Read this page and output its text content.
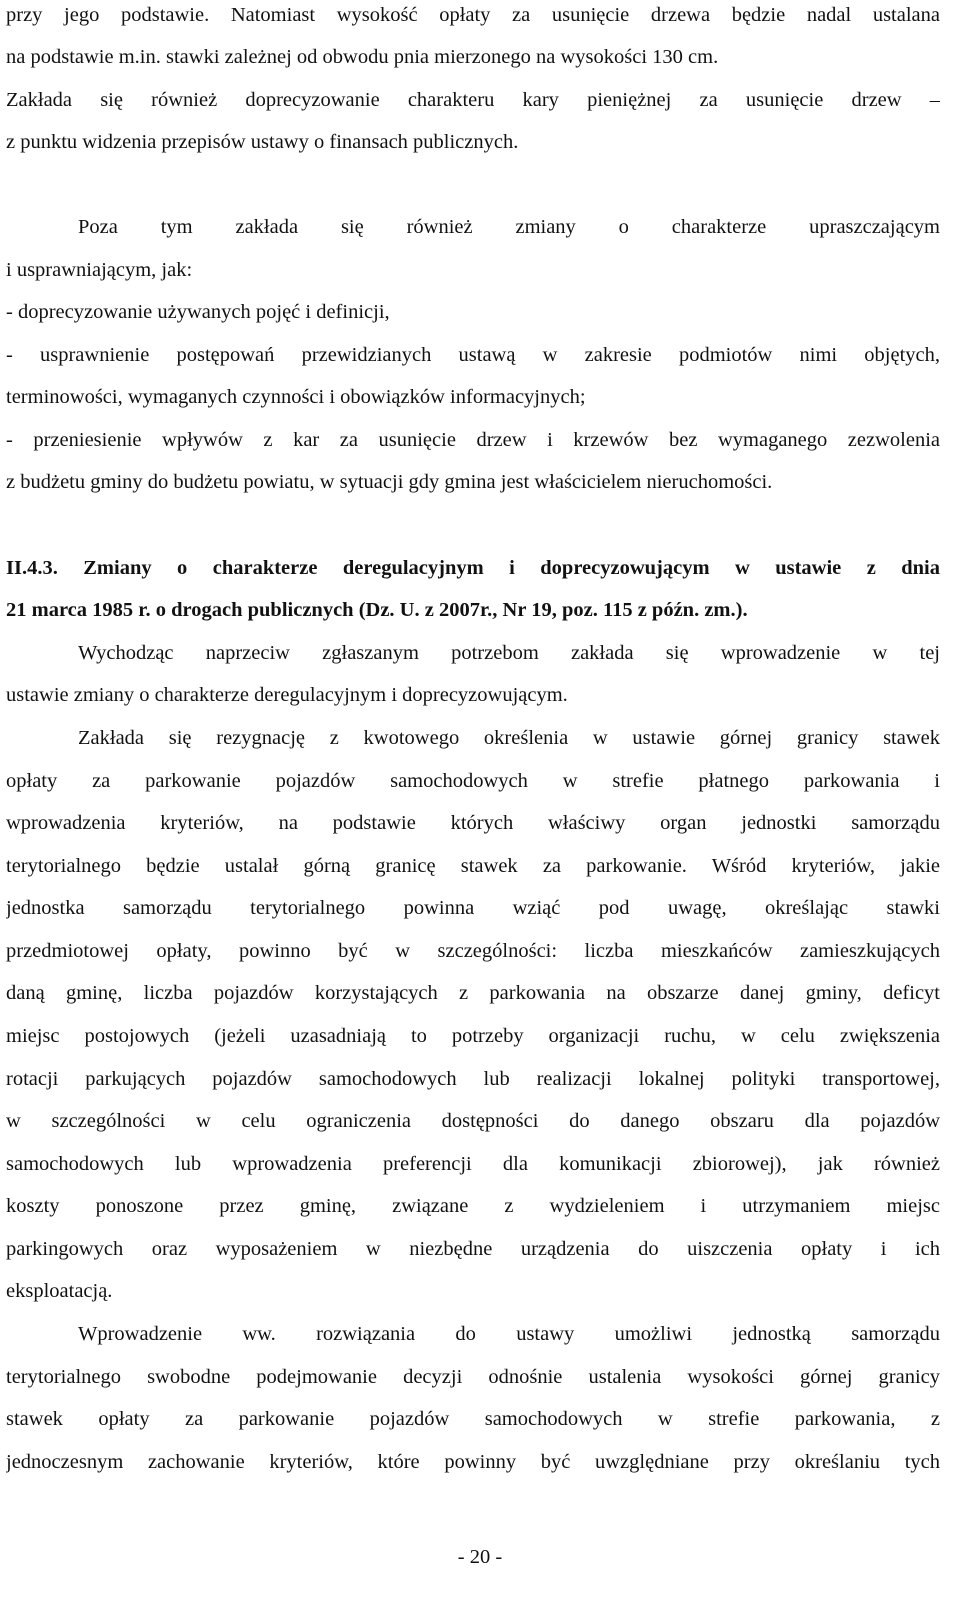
przy jego podstawie. Natomiast wysokość opłaty za usunięcie drzewa będzie nadal ustalana
na podstawie m.in. stawki zależnej od obwodu pnia mierzonego na wysokości 130 cm.
Zakłada się również doprecyzowanie charakteru kary pieniężnej za usunięcie drzew –
z punktu widzenia przepisów ustawy o finansach publicznych.
Poza tym zakłada się również zmiany o charakterze upraszczającym
i usprawniającym, jak:
- doprecyzowanie używanych pojęć i definicji,
- usprawnienie postępowań przewidzianych ustawą w zakresie podmiotów nimi objętych,
terminowości, wymaganych czynności i obowiązków informacyjnych;
- przeniesienie wpływów z kar za usunięcie drzew i krzewów bez wymaganego zezwolenia
z budżetu gminy do budżetu powiatu, w sytuacji gdy gmina jest właścicielem nieruchomości.
II.4.3. Zmiany o charakterze deregulacyjnym i doprecyzowującym w ustawie z dnia
21 marca 1985 r. o drogach publicznych (Dz. U. z 2007r., Nr 19, poz. 115 z późn. zm.).
Wychodząc naprzeciw zgłaszanym potrzebom zakłada się wprowadzenie w tej
ustawie zmiany o charakterze deregulacyjnym i doprecyzowującym.
Zakłada się rezygnację z kwotowego określenia w ustawie górnej granicy stawek
opłaty za parkowanie pojazdów samochodowych w strefie płatnego parkowania i
wprowadzenia kryteriów, na podstawie których właściwy organ jednostki samorządu
terytorialnego będzie ustalał górną granicę stawek za parkowanie. Wśród kryteriów, jakie
jednostka samorządu terytorialnego powinna wziąć pod uwagę, określając stawki
przedmiotowej opłaty, powinno być w szczególności: liczba mieszkańców zamieszkujących
daną gminę, liczba pojazdów korzystających z parkowania na obszarze danej gminy, deficyt
miejsc postojowych (jeżeli uzasadniają to potrzeby organizacji ruchu, w celu zwiększenia
rotacji parkujących pojazdów samochodowych lub realizacji lokalnej polityki transportowej,
w szczególności w celu ograniczenia dostępności do danego obszaru dla pojazdów
samochodowych lub wprowadzenia preferencji dla komunikacji zbiorowej), jak również
koszty ponoszone przez gminę, związane z wydzieleniem i utrzymaniem miejsc
parkingowych oraz wyposażeniem w niezbędne urządzenia do uiszczenia opłaty i ich
eksploatacją.
Wprowadzenie ww. rozwiązania do ustawy umożliwi jednostką samorządu
terytorialnego swobodne podejmowanie decyzji odnośnie ustalenia wysokości górnej granicy
stawek opłaty za parkowanie pojazdów samochodowych w strefie parkowania, z
jednoczesnym zachowanie kryteriów, które powinny być uwzględniane przy określaniu tych
- 20 -
